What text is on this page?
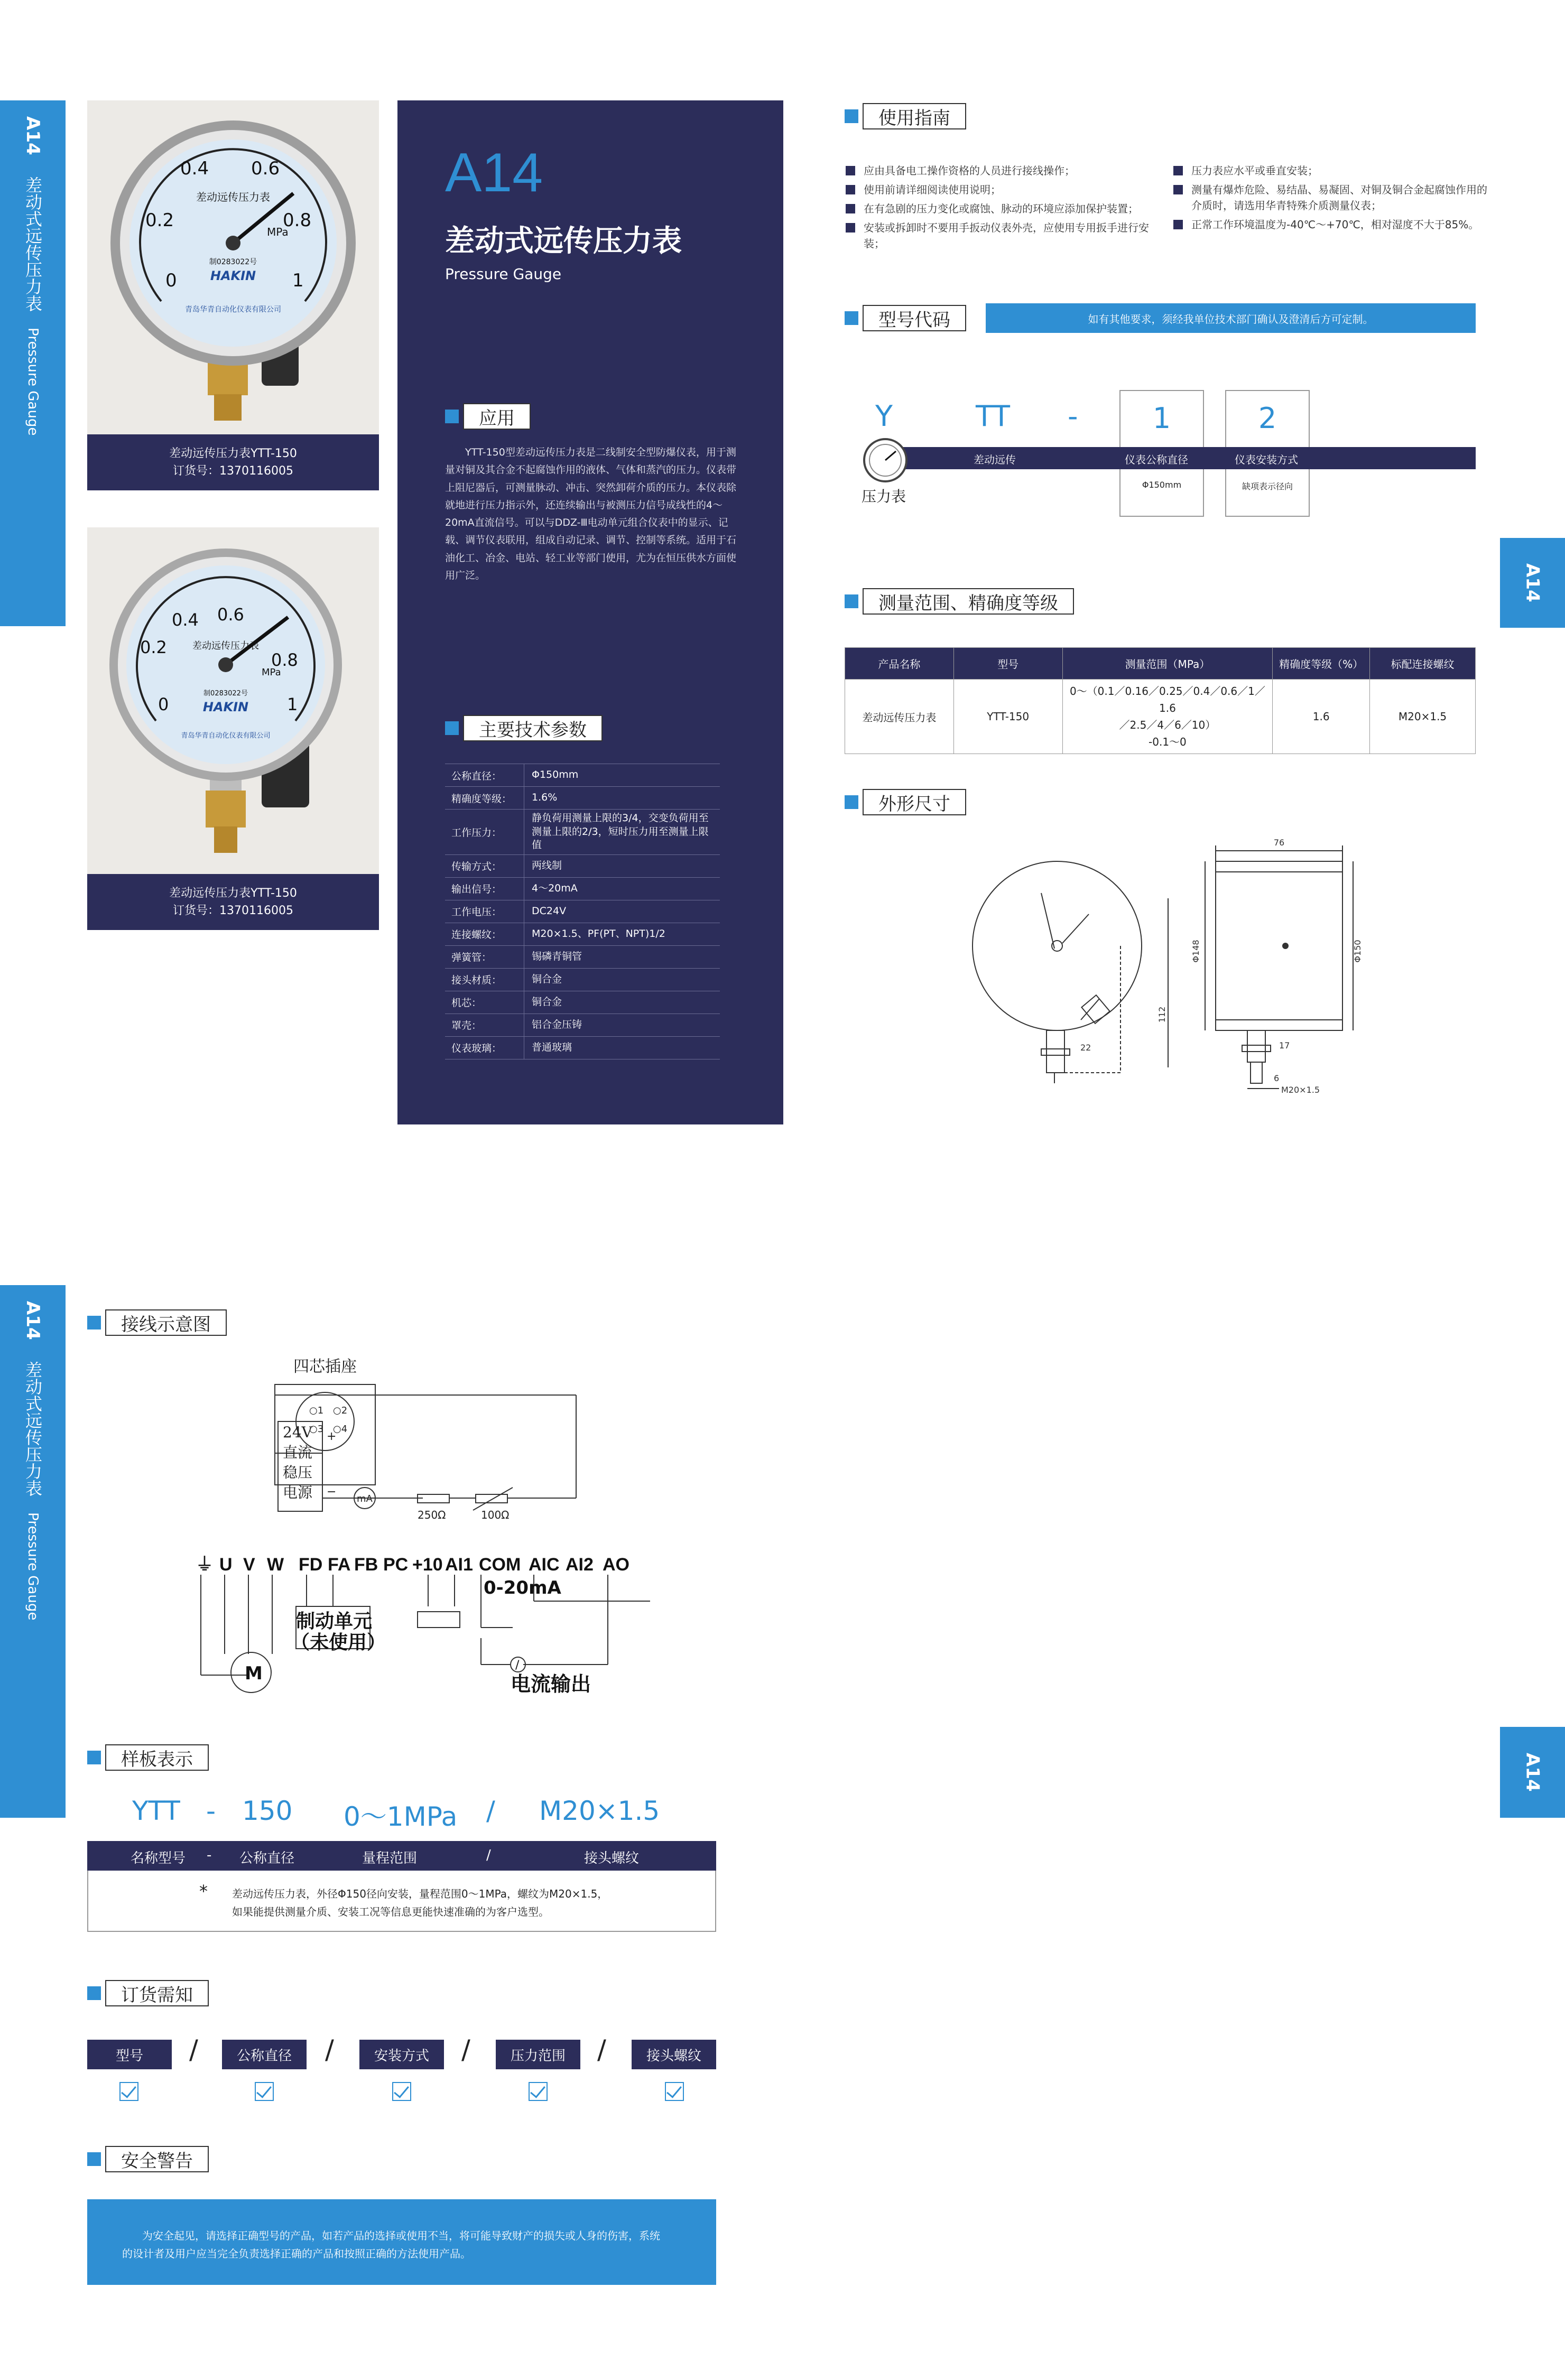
A14
差动式远传压力表
Pressure Gauge
A14
差动式远传压力表
Pressure Gauge
A14
A14
0
0.2
0.4 0.6
0.8
1
差动远传压力表
MPa
制0283022号
HAKIN
青岛华青自动化仪表有限公司
差动远传压力表YTT-150
订货号：1370116005
0
0.2
0.4 0.6
0.8
1
差动远传压力表
MPa
制0283022号
HAKIN
青岛华青自动化仪表有限公司
差动远传压力表YTT-150
订货号：1370116005
A14
差动式远传压力表
Pressure Gauge
应用
YTT-150型差动远传压力表是二线制安全型防爆仪表，用于测量对铜及其合金不起腐蚀作用的液体、气体和蒸汽的压力。仪表带上阻尼器后，可测量脉动、冲击、突然卸荷介质的压力。本仪表除就地进行压力指示外，还连续输出与被测压力信号成线性的4～20mA直流信号。可以与DDZ-Ⅲ电动单元组合仪表中的显示、记载、调节仪表联用，组成自动记录、调节、控制等系统。适用于石油化工、冶金、电站、轻工业等部门使用，尤为在恒压供水方面使用广泛。
主要技术参数
公称直径：	Φ150mm
精确度等级：	1.6%
工作压力：
静负荷用测量上限的3/4，交变负荷用至测量上限的2/3，短时压力用至测量上限值
传输方式：	两线制
输出信号：	4～20mA
工作电压：	DC24V
连接螺纹：	M20×1.5、PF(PT、NPT)1/2
弹簧管：	锡磷青铜管
接头材质：	铜合金
机芯：	铜合金
罩壳：	铝合金压铸
仪表玻璃：	普通玻璃
使用指南
应由具备电工操作资格的人员进行接线操作；
使用前请详细阅读使用说明；
在有急剧的压力变化或腐蚀、脉动的环境应添加保护装置；
安装或拆卸时不要用手扳动仪表外壳，应使用专用扳手进行安装；
压力表应水平或垂直安装；
测量有爆炸危险、易结晶、易凝固、对铜及铜合金起腐蚀作用的介质时，请选用华青特殊介质测量仪表；
正常工作环境温度为-40℃～+70℃，相对湿度不大于85%。
型号代码	如有其他要求，须经我单位技术部门确认及澄清后方可定制。
Y	TT -	1	2
差动远传	仪表公称直径	仪表安装方式
Φ150mm	缺项表示径向
压力表
测量范围、精确度等级
产品名称	型号	测量范围（MPa）	精确度等级（%）	标配连接螺纹
差动远传压力表	YTT-150	0～（0.1／0.16／0.25／0.4／0.6／1／1.6
／2.5／4／6／10）
-0.1～0	1.6	M20×1.5
外形尺寸
76
Φ148	Φ150
112
22	17
6
M20×1.5
接线示意图
四芯插座
○1 ○2
○3 ○4
24V
直流
稳压
电源
+
−
mA
250Ω	100Ω
⏚ U V W FD FA FB PC +10 AI1 COM AIC AI2 AO
0-20mA
制动单元
（未使用）
M	/
电流输出
样板表示
YTT - 150 0～1MPa / M20×1.5
名称型号 - 公称直径	量程范围	/	接头螺纹
* 差动远传压力表，外径Φ150径向安装，量程范围0～1MPa，螺纹为M20×1.5，
如果能提供测量介质、安装工况等信息更能快速准确的为客户选型。
订货需知
型号	公称直径	安装方式	压力范围	接头螺纹
/	/	/	/
安全警告
为安全起见，请选择正确型号的产品，如若产品的选择或使用不当，将可能导致财产的损失或人身的伤害，系统
的设计者及用户应当完全负责选择正确的产品和按照正确的方法使用产品。
